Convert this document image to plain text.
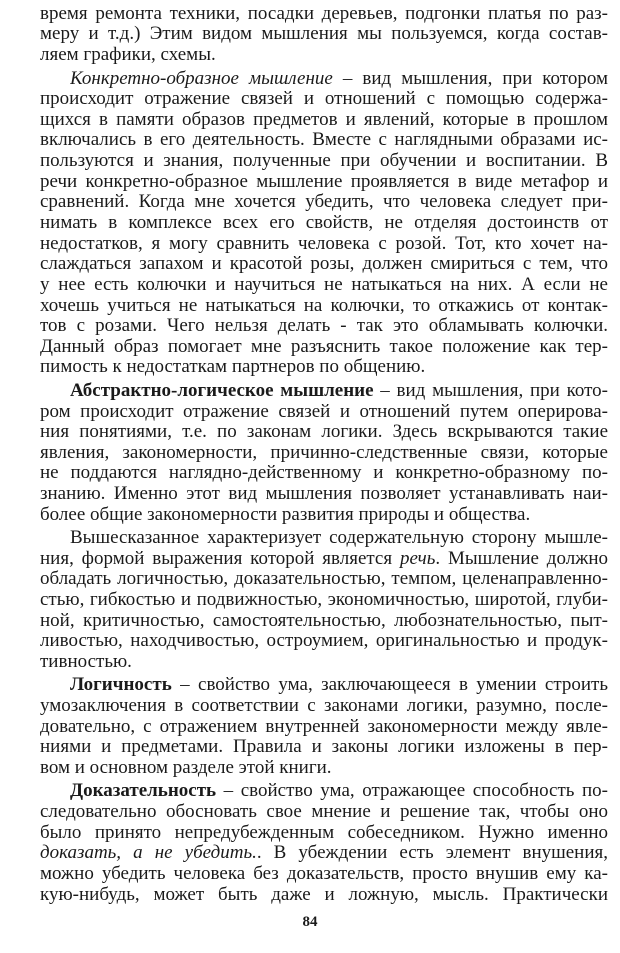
время ремонта техники, посадки деревьев, подгонки платья по раз-
меру и т.д.) Этим видом мышления мы пользуемся, когда состав-
ляем графики, схемы.
Конкретно-образное мышление – вид мышления, при котором
происходит отражение связей и отношений с помощью содержа-
щихся в памяти образов предметов и явлений, которые в прошлом
включались в его деятельность. Вместе с наглядными образами ис-
пользуются и знания, полученные при обучении и воспитании. В
речи конкретно-образное мышление проявляется в виде метафор и
сравнений. Когда мне хочется убедить, что человека следует при-
нимать в комплексе всех его свойств, не отделяя достоинств от
недостатков, я могу сравнить человека с розой. Тот, кто хочет на-
слаждаться запахом и красотой розы, должен смириться с тем, что
у нее есть колючки и научиться не натыкаться на них. А если не
хочешь учиться не натыкаться на колючки, то откажись от контак-
тов с розами. Чего нельзя делать - так это обламывать колючки.
Данный образ помогает мне разъяснить такое положение как тер-
пимость к недостаткам партнеров по общению.
Абстрактно-логическое мышление – вид мышления, при кото-
ром происходит отражение связей и отношений путем оперирова-
ния понятиями, т.е. по законам логики. Здесь вскрываются такие
явления, закономерности, причинно-следственные связи, которые
не поддаются наглядно-действенному и конкретно-образному по-
знанию. Именно этот вид мышления позволяет устанавливать наи-
более общие закономерности развития природы и общества.
Вышесказанное характеризует содержательную сторону мышле-
ния, формой выражения которой является речь. Мышление должно
обладать логичностью, доказательностью, темпом, целенаправленно-
стью, гибкостью и подвижностью, экономичностью, широтой, глуби-
ной, критичностью, самостоятельностью, любознательностью, пыт-
ливостью, находчивостью, остроумием, оригинальностью и продук-
тивностью.
Логичность – свойство ума, заключающееся в умении строить
умозаключения в соответствии с законами логики, разумно, после-
довательно, с отражением внутренней закономерности между явле-
ниями и предметами. Правила и законы логики изложены в пер-
вом и основном разделе этой книги.
Доказательность – свойство ума, отражающее способность по-
следовательно обосновать свое мнение и решение так, чтобы оно
было принято непредубежденным собеседником. Нужно именно
доказать, а не убедить.. В убеждении есть элемент внушения,
можно убедить человека без доказательств, просто внушив ему ка-
кую-нибудь, может быть даже и ложную, мысль. Практически
84
